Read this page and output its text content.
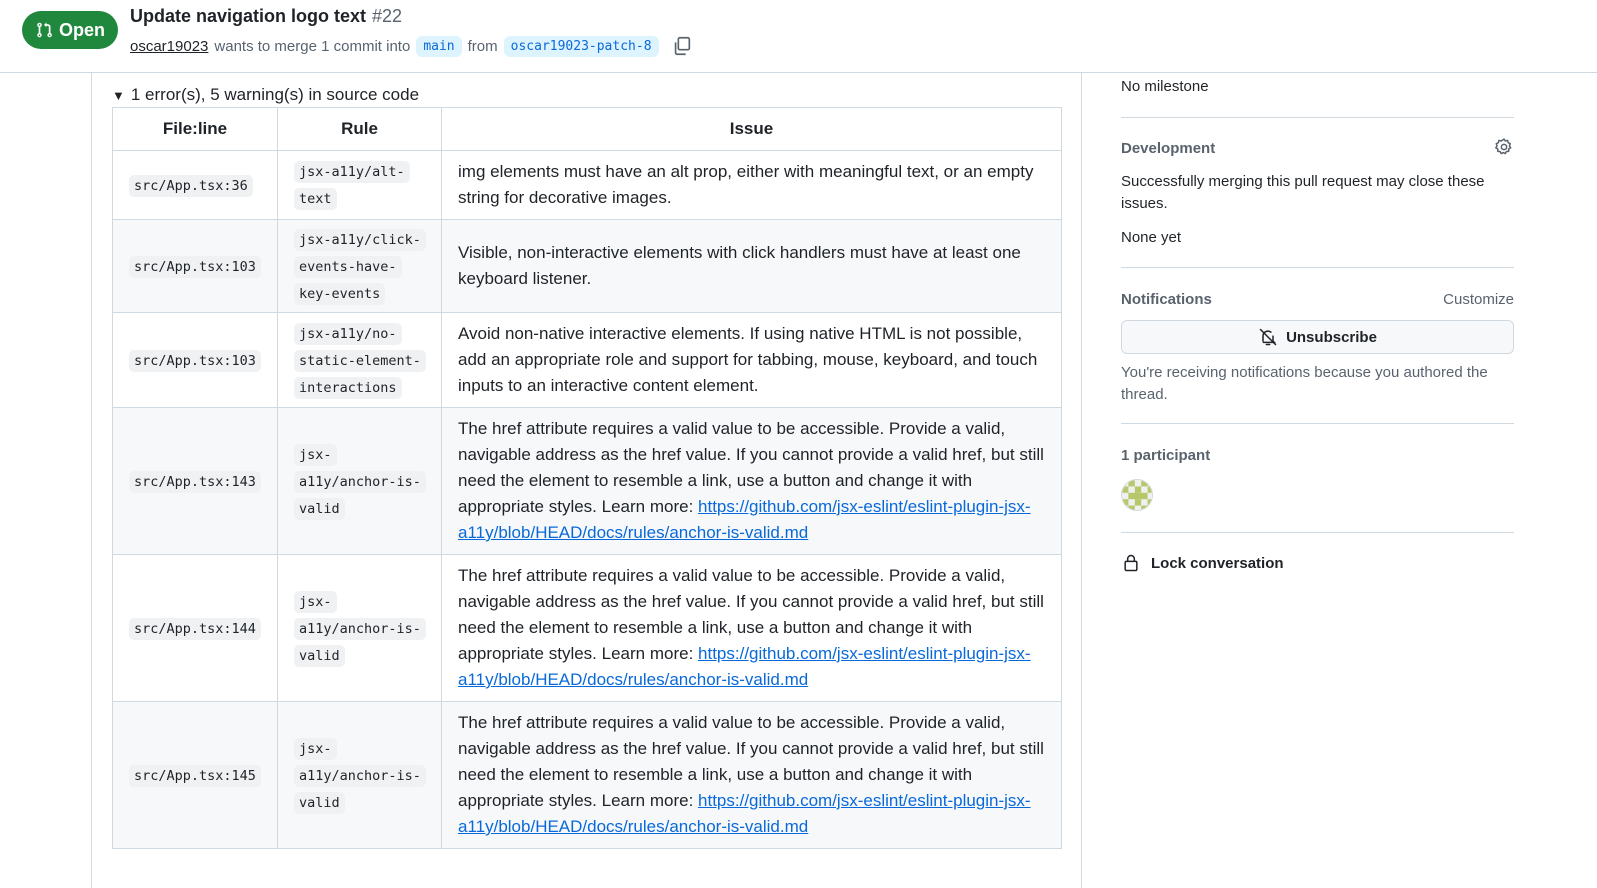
Open
Update navigation logo text #22
oscar19023 wants to merge 1 commit into	main from	oscar19023-patch-8
▼ 1 error(s), 5 warning(s) in source code
File:line	Rule	Issue
src/App.tsx:36	jsx-a11y/alt-text	img elements must have an alt prop, either with meaningful text, or an empty string for decorative images.
src/App.tsx:103	jsx-a11y/click-events-have-key-events	Visible, non-interactive elements with click handlers must have at least one keyboard listener.
src/App.tsx:103	jsx-a11y/no-static-element-interactions	Avoid non-native interactive elements. If using native HTML is not possible, add an appropriate role and support for tabbing, mouse, keyboard, and touch inputs to an interactive content element.
src/App.tsx:143	jsx-a11y/anchor-is-valid	The href attribute requires a valid value to be accessible. Provide a valid, navigable address as the href value. If you cannot provide a valid href, but still need the element to resemble a link, use a button and change it with appropriate styles. Learn more: https://github.com/jsx-eslint/eslint-plugin-jsx-a11y/blob/HEAD/docs/rules/anchor-is-valid.md
src/App.tsx:144	jsx-a11y/anchor-is-valid	The href attribute requires a valid value to be accessible. Provide a valid, navigable address as the href value. If you cannot provide a valid href, but still need the element to resemble a link, use a button and change it with appropriate styles. Learn more: https://github.com/jsx-eslint/eslint-plugin-jsx-a11y/blob/HEAD/docs/rules/anchor-is-valid.md
src/App.tsx:145	jsx-a11y/anchor-is-valid	The href attribute requires a valid value to be accessible. Provide a valid, navigable address as the href value. If you cannot provide a valid href, but still need the element to resemble a link, use a button and change it with appropriate styles. Learn more: https://github.com/jsx-eslint/eslint-plugin-jsx-a11y/blob/HEAD/docs/rules/anchor-is-valid.md
No milestone
Development
Successfully merging this pull request may close these issues.
None yet
Notifications	Customize
Unsubscribe
You're receiving notifications because you authored the thread.
1 participant
Lock conversation
